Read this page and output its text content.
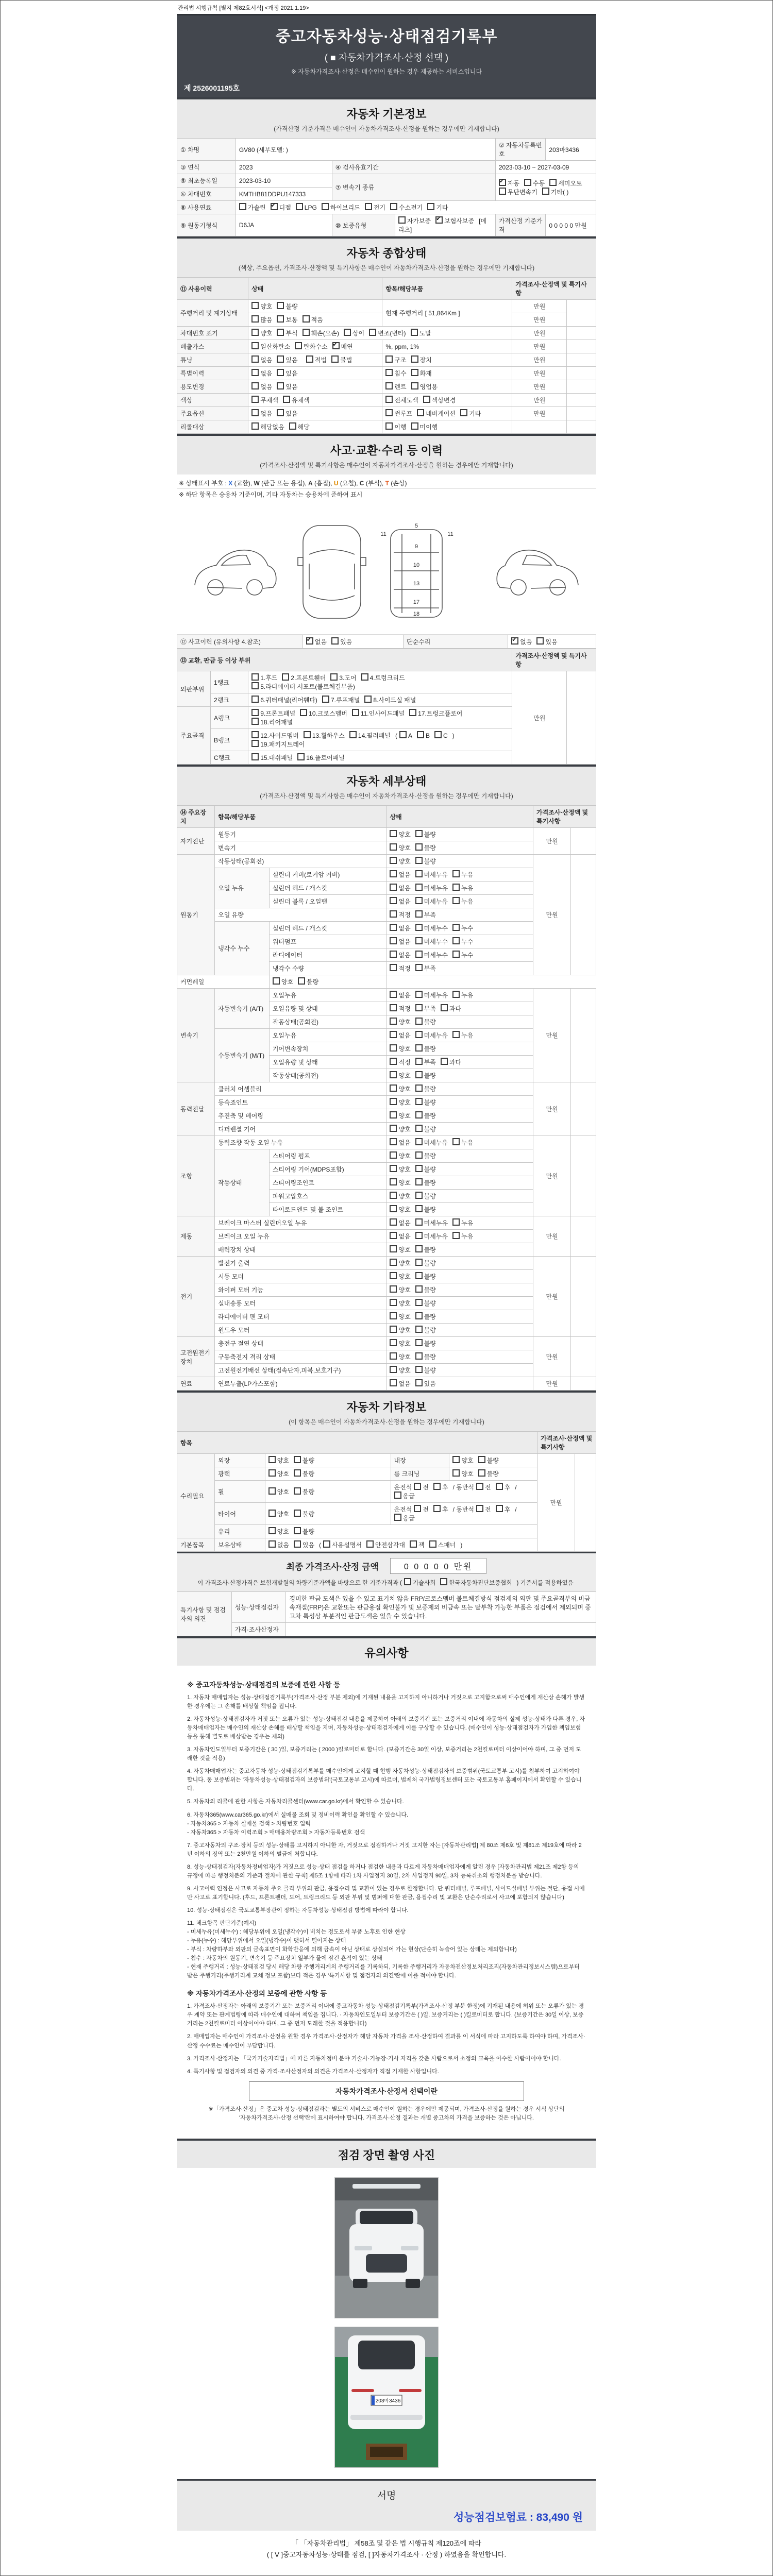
관리법 시행규칙 [별지 제82호서식] <개정 2021.1.19>
중고자동차성능·상태점검기록부
( ■ 자동차가격조사·산정 선택 )
※ 자동차가격조사·산정은 매수인이 원하는 경우 제공하는 서비스입니다
제 2526001195호
자동차 기본정보
(가격산정 기준가격은 매수인이 자동차가격조사·산정을 원하는 경우에만 기재합니다)
① 차명	GV80 (세부모델: )			② 자동차등록번호	203마3436
③ 연식	2023	④ 검사유효기간		2023-03-10 ~ 2027-03-09	
⑤ 최초등록일	2023-03-10	⑦ 변속기 종류	✔자동 수동 세미오토무단변속기 기타( )
⑥ 차대번호	KMTHB81DDPU147333				
⑧ 사용연료	가솔린 ✔ 디젤 LPG 하이브리드 전기 수소전기 기타
⑨ 원동기형식	D6JA	⑩ 보증유형	자가보증 ✔ 보험사보증 [메리츠]	가격산정 기준가격	0 0 0 0 0 만원
자동차 종합상태
(색상, 주요옵션, 가격조사·산정액 및 특기사항은 매수인이 자동차가격조사·산정을 원하는 경우에만 기재합니다)
⑪ 사용이력	상태	항목/해당부품	가격조사·산정액 및 특기사항	
주행거리 및 계기상태	양호 불량	현재 주행거리 [ 51,864Km ]	만원	
	많음 보통 적음		만원	
차대번호 표기	양호 부식 훼손(오손) 상이 변조(변타) 도말		만원	
배출가스	일산화탄소 탄화수소 ✔ 매연	%, ppm, 1%	만원	
튜닝	없음 있음 적법 불법	구조 장치	만원	
특별이력	없음 있음	침수 화재	만원	
용도변경	없음 있음	렌트 영업용	만원	
색상	무채색 유채색	전체도색 색상변경	만원	
주요옵션	없음 있음	썬루프 네비게이션 기타	만원	
리콜대상	해당없음 해당	이행 미이행		
사고·교환·수리 등 이력
(가격조사·산정액 및 특기사항은 매수인이 자동차가격조사·산정을 원하는 경우에만 기재합니다)
※ 상태표시 부호 : X (교환), W (판금 또는 용접), A (흠집), U (요철), C (부식), T (손상)
※ 하단 항목은 승용차 기준이며, 기타 자동차는 승용차에 준하여 표시
11
5
11
9
10
13
17
18
⑫ 사고이력 (유의사항 4.참조)	✔없음 있음	단순수리	✔없음 있음
⑬ 교환, 판금 등 이상 부위			가격조사·산정액 및 특기사항	
외판부위	1랭크	1.후드 2.프론트휀더 3.도어 4.트렁크리드5.라디에이터 서포트(볼트체결부품)	만원	
	2랭크	6.쿼터패널(리어휀다) 7.루프패널 8.사이드실 패널		
주요골격	A랭크	9.프론트패널 10.크로스멤버 11.인사이드패널 17.트렁크플로어18.리어패널		
	B랭크	12.사이드멤버 13.휠하우스 14.필러패널 ( A B C )19.패키지트레이		
	C랭크	15.대쉬패널 16.플로어패널		
자동차 세부상태
(가격조사·산정액 및 특기사항은 매수인이 자동차가격조사·산정을 원하는 경우에만 기재합니다)
⑭ 주요장치	항목/해당부품		상태	가격조사·산정액 및 특기사항	
자기진단	원동기		양호 불량	만원	
	변속기		양호 불량		
원동기	작동상태(공회전)		양호 불량	만원	
	오일 누유	실린더 커버(로커암 커버)	없음 미세누유 누유		
		실린더 헤드 / 개스킷	없음 미세누유 누유		
		실린더 블록 / 오일팬	없음 미세누유 누유		
	오일 유량		적정 부족		
	냉각수 누수	실린더 헤드 / 개스킷	없음 미세누수 누수		
		워터펌프	없음 미세누수 누수		
		라디에이터	없음 미세누수 누수		
		냉각수 수량	적정 부족		
커먼레일		양호 불량			
변속기	자동변속기 (A/T)	오일누유	없음 미세누유 누유	만원	
		오일유량 및 상태	적정 부족 과다		
		작동상태(공회전)	양호 불량		
	수동변속기 (M/T)	오일누유	없음 미세누유 누유		
		기어변속장치	양호 불량		
		오일유량 및 상태	적정 부족 과다		
		작동상태(공회전)	양호 불량		
동력전달	클러치 어셈블리		양호 불량	만원	
	등속죠인트		양호 불량		
	추진축 및 베어링		양호 불량		
	디퍼렌셜 기어		양호 불량		
조향	동력조향 작동 오일 누유		없음 미세누유 누유	만원	
	작동상태	스티어링 펌프	양호 불량		
		스티어링 기어(MDPS포함)	양호 불량		
		스티어링조인트	양호 불량		
		파워고압호스	양호 불량		
		타이로드엔드 및 볼 조인트	양호 불량		
제동	브레이크 마스터 실린더오일 누유		없음 미세누유 누유	만원	
	브레이크 오일 누유		없음 미세누유 누유		
	배력장치 상태		양호 불량		
전기	발전기 출력		양호 불량	만원	
	시동 모터		양호 불량		
	와이퍼 모터 기능		양호 불량		
	실내송풍 모터		양호 불량		
	라디에이터 팬 모터		양호 불량		
	윈도우 모터		양호 불량		
고전원전기장치	충전구 절연 상태		양호 불량	만원	
	구동축전지 격리 상태		양호 불량		
	고전원전기배선 상태(접속단자,피복,보호기구)		양호 불량		
연료	연료누출(LP가스포함)		없음 있음	만원	
자동차 기타정보
(이 항목은 매수인이 자동차가격조사·산정을 원하는 경우에만 기재합니다)
항목					가격조사·산정액 및 특기사항	
수리필요	외장	양호 불량	내장	양호 불량	만원	
	광택	양호 불량	룸 크리닝	양호 불량		
	휠	양호 불량	운전석 전 후 / 동반석 전 후 /응급			
	타이어	양호 불량	운전석 전 후 / 동반석 전 후 /응급			
	유리	양호 불량				
기본품목	보유상태	없음 있음 ( 사용설명서 안전삼각대 잭 스패너 )				
최종 가격조사·산정 금액	0 0 0 0 0 만원
이 가격조사·산정가격은 보험개발원의 차량기준가액을 바탕으로 한 기준가격과 ( 기술사회 한국자동차진단보증협회 ) 기준서를 적용하였음
특기사항 및 점검자의 의견	성능·상태점검자	경미한 판금 도색은 있을 수 있고 표기치 않음 FRP/크로스멤버 볼트체결방식 점검제외 외판 및 주요골격부의 비금속재질(FRP)은 교환또는 판금용접 확인불가 및 보증제외 비금속 또는 탈부착 가능한 부품은 점검에서 제외되며 중고차 특성상 부분적인 판금도색은 있을 수 있습니다.
	가격·조사산정자	
유의사항
※ 중고자동차성능·상태점검의 보증에 관한 사항 등

1. 자동차 매매업자는 성능·상태점검기록부(가격조사·산정 부분 제외)에 기재된 내용을 고지하지 아니하거나 거짓으로 고지함으로써 매수인에게 재산상 손해가 발생한 경우에는 그 손해를 배상할 책임을 집니다.

2. 자동차성능·상태점검자가 거짓 또는 오류가 있는 성능·상태점검 내용을 제공하여 아래의 보증기간 또는 보증거리 이내에 자동차의 실제 성능·상태가 다른 경우, 자동차매매업자는 매수인의 재산상 손해를 배상할 책임을 지며, 자동차성능·상태점검자에게 이를 구상할 수 있습니다. (매수인이 성능·상태점검자가 가입한 책임보험 등을 통해 별도로 배상받는 경우는 제외)

3. 자동차인도일부터 보증기간은 ( 30 )일, 보증거리는 ( 2000 )킬로미터로 합니다. (보증기간은 30일 이상, 보증거리는 2천킬로미터 이상이어야 하며, 그 중 먼저 도래한 것을 적용)

4. 자동차매매업자는 중고자동차 성능·상태점검기록부를 매수인에게 고지할 때 현행 자동차성능·상태점검자의 보증범위(국토교통부 고시)를 첨부하여 고지하여야 합니다. 동 보증범위는 '자동차성능·상태점검자의 보증범위'(국토교통부 고시)에 따르며, 법제처 국가법령정보센터 또는 국토교통부 홈페이지에서 확인할 수 있습니다.

5. 자동차의 리콜에 관한 사항은 자동차리콜센터(www.car.go.kr)에서 확인할 수 있습니다.

6. 자동차365(www.car365.go.kr)에서 실매물 조회 및 정비이력 확인을 확인할 수 있습니다.
- 자동차365 > 자동차 실매물 검색 > 차량번호 입력
- 자동차365 > 자동차 이력조회 > 매매용차량조회 > 자동차등록번호 검색

7. 중고자동차의 구조·장치 등의 성능·상태를 고지하지 아니한 자, 거짓으로 점검하거나 거짓 고지한 자는 [자동차관리법] 제 80조 제6호 및 제81조 제19호에 따라 2년 이하의 징역 또는 2천만원 이하의 벌금에 처합니다.

8. 성능·상태점검자(자동차정비업자)가 거짓으로 성능·상태 점검을 하거나 점검한 내용과 다르게 자동차매매업자에게 알린 경우 [자동차관리법 제21조 제2항 등의 규정에 따른 행정처분의 기준과 절차에 관한 규칙] 제5조 1항에 따라 1차 사업정지 30일, 2차 사업정지 90일, 3차 등록취소의 행정처분을 받습니다.

9. 사고이력 인정은 사고로 자동차 주요 골격 부위의 판금, 용접수리 및 교환이 있는 경우로 한정합니다. 단 쿼터패널, 루프패널, 사이드실패널 부위는 절단, 용접 시에만 사고로 표기합니다. (후드, 프론트펜더, 도어, 트렁크리드 등 외판 부위 및 범퍼에 대한 판금, 용접수리 및 교환은 단순수리로서 사고에 포함되지 않습니다)

10. 성능·상태점검은 국토교통부장관이 정하는 자동차성능·상태점검 방법에 따라야 합니다.

11. 체크항목 판단기준(예시)
- 미세누유(미세누수) : 해당부위에 오일(냉각수)이 비치는 정도로서 부품 노후로 인한 현상
- 누유(누수) : 해당부위에서 오일(냉각수)이 맺혀서 떨어지는 상태
- 부식 : 차량하부와 외판의 금속표면이 화학반응에 의해 금속이 아닌 상태로 상실되어 가는 현상(단순히 녹슬어 있는 상태는 제외합니다)
- 침수 : 자동차의 원동기, 변속기 등 주요장치 일부가 물에 잠긴 흔적이 있는 상태
- 현재 주행거리 : 성능·상태점검 당시 해당 차량 주행거리계의 주행거리를 기록하되, 기록한 주행거리가 자동차전산정보처리조직(자동차관리정보시스템)으로부터 받은 주행거리(주행거리계 교체 정보 포함)보다 적은 경우 '특기사항 및 점검자의 의견'란에 이를 적어야 합니다.

※ 자동차가격조사·산정의 보증에 관한 사항 등

1. 가격조사·산정자는 아래의 보증기간 또는 보증거리 이내에 중고자동차 성능·상태점검기록부(가격조사·산정 부분 한정)에 기재된 내용에 허위 또는 오류가 있는 경우 계약 또는 관계법령에 따라 매수인에 대하여 책임을 집니다. · 자동차인도일부터 보증기간은 ( )일, 보증거리는 ( )킬로미터로 합니다. (보증기간은 30일 이상, 보증거리는 2천킬로미터 이상이어야 하며, 그 중 먼저 도래한 것을 적용합니다)

2. 매매업자는 매수인이 가격조사·산정을 원할 경우 가격조사·산정자가 해당 자동차 가격을 조사·산정하여 결과를 이 서식에 따라 고지하도록 하여야 하며, 가격조사·산정 수수료는 매수인이 부담합니다.

3. 가격조사·산정자는 「국가기술자격법」에 따른 자동차정비 분야 기술사·기능장·기사 자격을 갖춘 사람으로서 소정의 교육을 이수한 사람이어야 합니다.

4. 특기사항 및 점검자의 의견 중 가격·조사산정자의 의견은 가격조사·산정자가 직접 기재한 사항입니다.

자동차가격조사·산정서 선택이란
※「가격조사·산정」은 중고차 성능·상태점검과는 별도의 서비스로 매수인이 원하는 경우에만 제공되며, 가격조사·산정을 원하는 경우 서식 상단의 '자동차가격조사·산정 선택'란에 표시하여야 합니다. 가격조사·산정 결과는 개별 중고차의 가격을 보증하는 것은 아닙니다.
점검 장면 촬영 사진
203마3436
서명
성능점검보험료 : 83,490 원
「 「자동차관리법」 제58조 및 같은 법 시행규칙 제120조에 따라
( [ V ]중고자동차성능·상태를 점검, [ ]자동차가격조사 · 산정 ) 하였음을 확인합니다.
